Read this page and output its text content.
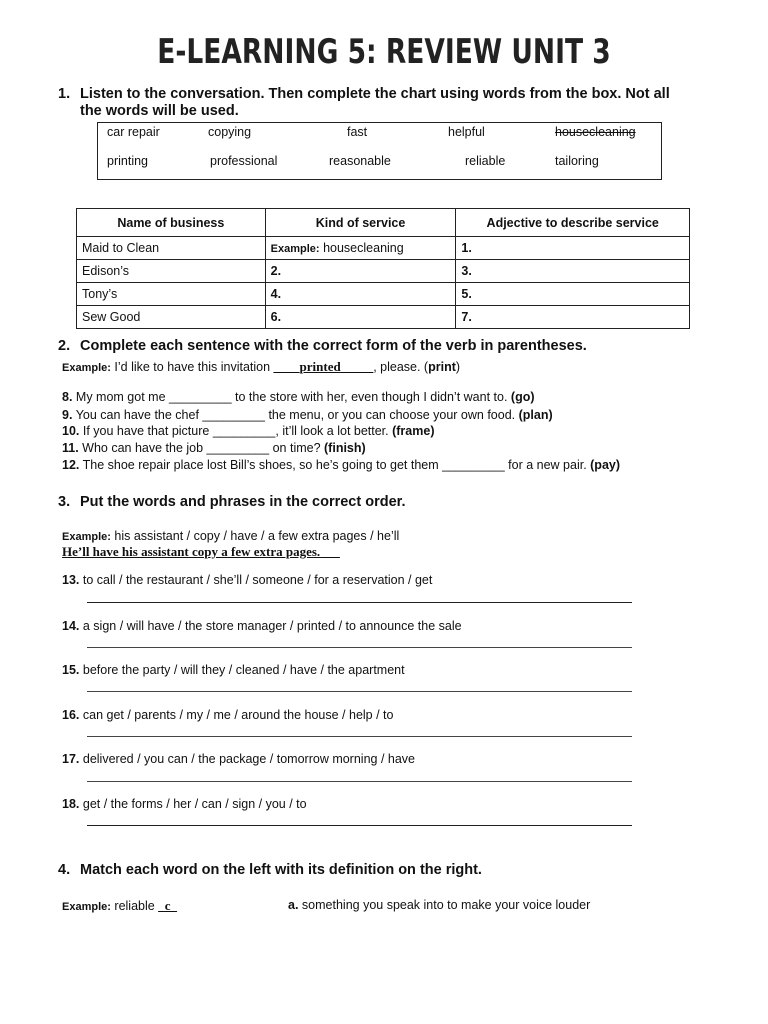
E-LEARNING 5: REVIEW UNIT 3
1. Listen to the conversation. Then complete the chart using words from the box. Not all
the words will be used.
car repair	copying	fast	helpful	housecleaning
printing	professional	reasonable	reliable	tailoring
Name of business	Kind of service	Adjective to describe service
Maid to Clean	Example: housecleaning	1.
Edison’s	2.	3.
Tony’s	4.	5.
Sew Good	6.	7.
2. Complete each sentence with the correct form of the verb in parentheses.
Example: I’d like to have this invitation ____printed_____, please. (print)
8. My mom got me _________ to the store with her, even though I didn’t want to. (go)
9. You can have the chef _________ the menu, or you can choose your own food. (plan)
10. If you have that picture _________, it’ll look a lot better. (frame)
11. Who can have the job _________ on time? (finish)
12. The shoe repair place lost Bill’s shoes, so he’s going to get them _________ for a new pair. (pay)
3. Put the words and phrases in the correct order.
Example: his assistant / copy / have / a few extra pages / he’ll
He’ll have his assistant copy a few extra pages.___
13. to call / the restaurant / she’ll / someone / for a reservation / get
14. a sign / will have / the store manager / printed / to announce the sale
15. before the party / will they / cleaned / have / the apartment
16. can get / parents / my / me / around the house / help / to
17. delivered / you can / the package / tomorrow morning / have
18. get / the forms / her / can / sign / you / to
4. Match each word on the left with its definition on the right.
Example: reliable _c_	a. something you speak into to make your voice louder
